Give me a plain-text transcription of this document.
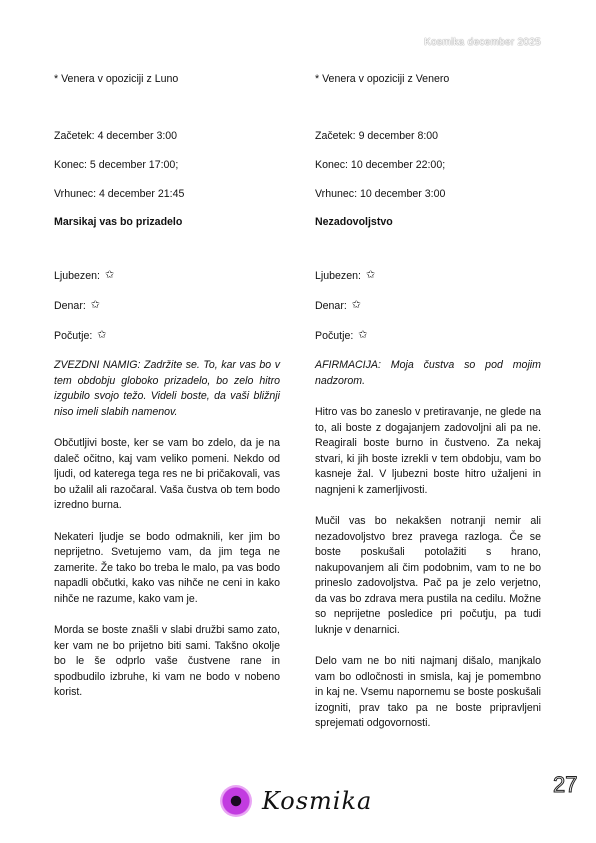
Kosmika december 2025

* Venera v opoziciji z Luno

Začetek: 4 december 3:00

Konec: 5 december 17:00;

Vrhunec: 4 december 21:45

Marsikaj vas bo prizadelo

Ljubezen: ✩

Denar: ✩

Počutje: ✩

ZVEZDNI NAMIG: Zadržite se. To, kar vas bo v tem obdobju globoko prizadelo, bo zelo hitro izgubilo svojo težo. Videli boste, da vaši bližnji niso imeli slabih namenov.

Občutljivi boste, ker se vam bo zdelo, da je na daleč očitno, kaj vam veliko pomeni. Nekdo od ljudi, od katerega tega res ne bi pričakovali, vas bo užalil ali razočaral. Vaša čustva ob tem bodo izredno burna.

Nekateri ljudje se bodo odmaknili, ker jim bo neprijetno. Svetujemo vam, da jim tega ne zamerite. Že tako bo treba le malo, pa vas bodo napadli občutki, kako vas nihče ne ceni in kako nihče ne razume, kako vam je.

Morda se boste znašli v slabi družbi samo zato, ker vam ne bo prijetno biti sami. Takšno okolje bo le še odprlo vaše čustvene rane in spodbudilo izbruhe, ki vam ne bodo v nobeno korist.

* Venera v opoziciji z Venero

Začetek: 9 december 8:00

Konec: 10 december 22:00;

Vrhunec: 10 december 3:00

Nezadovoljstvo

Ljubezen: ✩

Denar: ✩

Počutje: ✩

AFIRMACIJA: Moja čustva so pod mojim nadzorom.

Hitro vas bo zaneslo v pretiravanje, ne glede na to, ali boste z dogajanjem zadovoljni ali pa ne. Reagirali boste burno in čustveno. Za nekaj stvari, ki jih boste izrekli v tem obdobju, vam bo kasneje žal. V ljubezni boste hitro užaljeni in nagnjeni k zamerljivosti.

Mučil vas bo nekakšen notranji nemir ali nezadovoljstvo brez pravega razloga. Če se boste poskušali potolažiti s hrano, nakupovanjem ali čim podobnim, vam to ne bo prineslo zadovoljstva. Pač pa je zelo verjetno, da vas bo zdrava mera pustila na cedilu. Možne so neprijetne posledice pri počutju, pa tudi luknje v denarnici.

Delo vam ne bo niti najmanj dišalo, manjkalo vam bo odločnosti in smisla, kaj je pomembno in kaj ne. Vsemu napornemu se boste poskušali izogniti, prav tako pa ne boste pripravljeni sprejemati odgovornosti.

27
Kosmika
